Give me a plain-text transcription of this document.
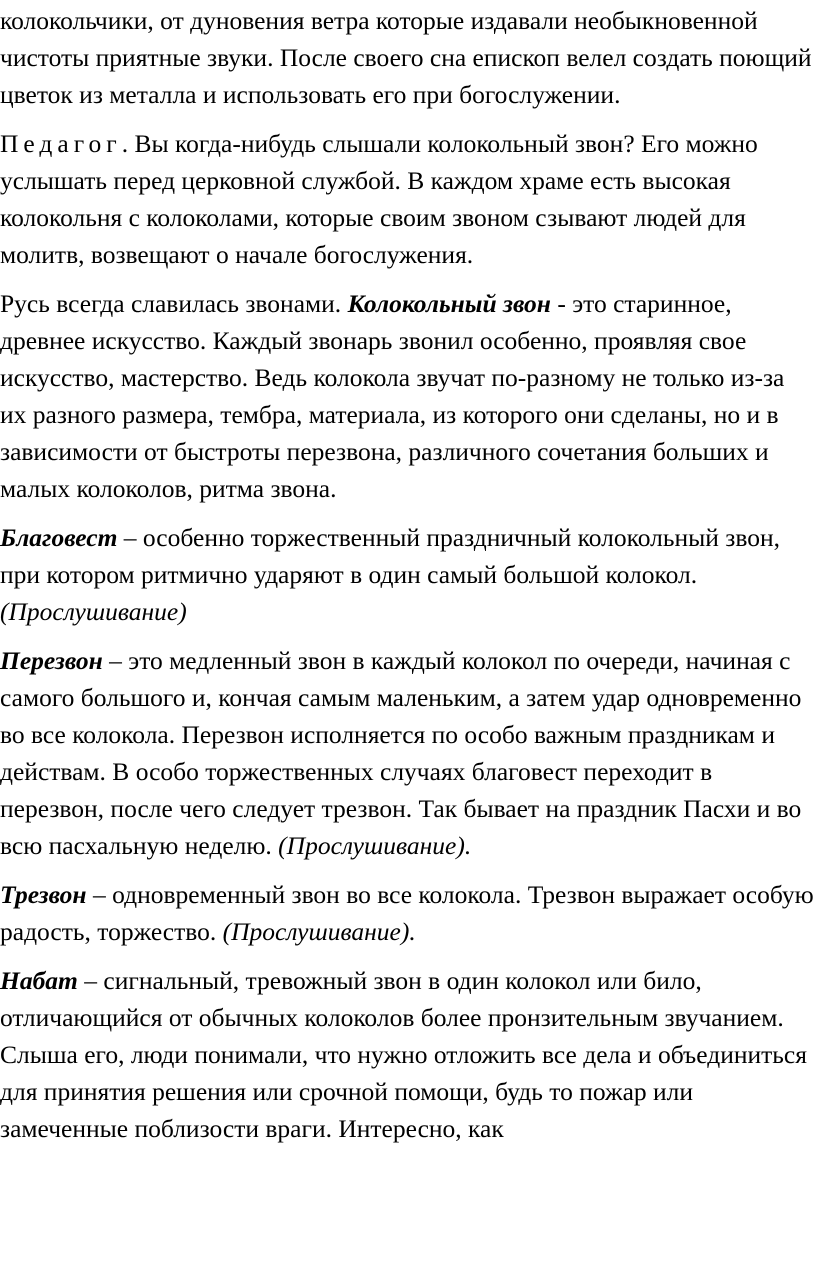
колокольчики, от дуновения ветра которые издавали необыкновенной чистоты приятные звуки. После своего сна епископ велел создать поющий цветок из металла и использовать его при богослужении.

Педагог. Вы когда-нибудь слышали колокольный звон? Его можно услышать перед церковной службой. В каждом храме есть высокая колокольня с колоколами, которые своим звоном сзывают людей для молитв, возвещают о начале богослужения.

Русь всегда славилась звонами. Колокольный звон - это старинное, древнее искусство. Каждый звонарь звонил особенно, проявляя свое искусство, мастерство. Ведь колокола звучат по-разному не только из-за их разного размера, тембра, материала, из которого они сделаны, но и в зависимости от быстроты перезвона, различного сочетания больших и малых колоколов, ритма звона.

Благовест – особенно торжественный праздничный колокольный звон, при котором ритмично ударяют в один самый большой колокол. (Прослушивание)

Перезвон – это медленный звон в каждый колокол по очереди, начиная с самого большого и, кончая самым маленьким, а затем удар одновременно во все колокола. Перезвон исполняется по особо важным праздникам и действам. В особо торжественных случаях благовест переходит в перезвон, после чего следует трезвон. Так бывает на праздник Пасхи и во всю пасхальную неделю. (Прослушивание).

Трезвон – одновременный звон во все колокола. Трезвон выражает особую радость, торжество. (Прослушивание).

Набат – сигнальный, тревожный звон в один колокол или било, отличающийся от обычных колоколов более пронзительным звучанием. Слыша его, люди понимали, что нужно отложить все дела и объединиться для принятия решения или срочной помощи, будь то пожар или замеченные поблизости враги. Интересно, как
